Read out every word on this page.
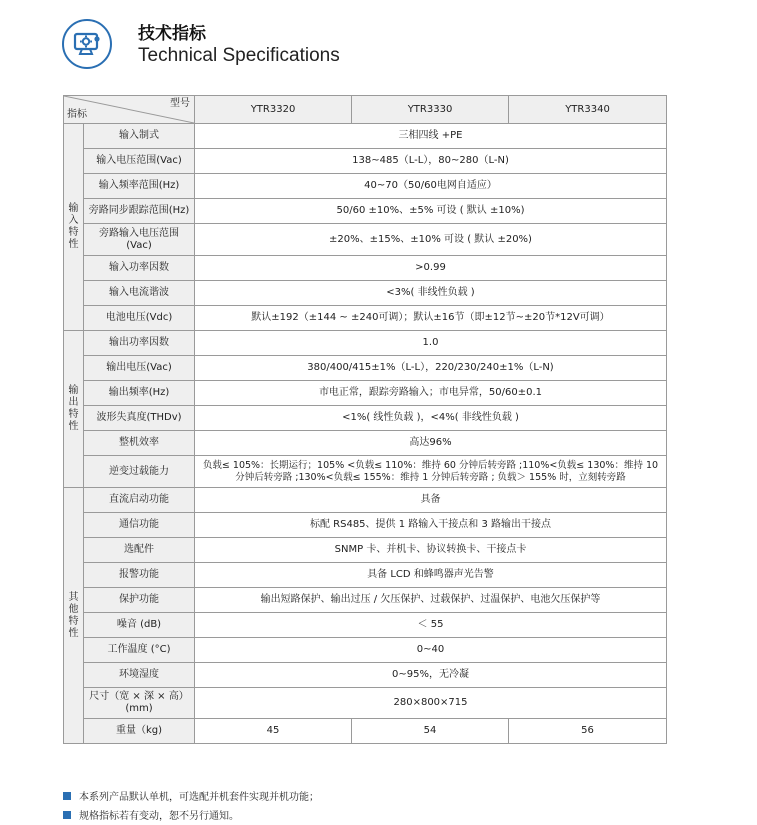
技术指标
Technical Specifications
型号
指标		YTR3320	YTR3330	YTR3340

输
入
特
性	输入制式	三相四线 +PE		
	输入电压范围(Vac)	138~485（L-L），80~280（L-N)		
	输入频率范围(Hz)	40~70（50/60电网自适应）		
	旁路同步跟踪范围(Hz)	50/60 ±10%、±5% 可设 ( 默认 ±10%)		
	旁路输入电压范围(Vac)	±20%、±15%、±10% 可设 ( 默认 ±20%)		
	输入功率因数	>0.99		
	输入电流谐波	<3%( 非线性负载 )		
	电池电压(Vdc)	默认±192（±144 ~ ±240可调）；默认±16节（即±12节~±20节*12V可调）		

输
出
特
性	输出功率因数	1.0		
	输出电压(Vac)	380/400/415±1%（L-L），220/230/240±1%（L-N)		
	输出频率(Hz)	市电正常，跟踪旁路输入；市电异常，50/60±0.1		
	波形失真度(THDv)	<1%( 线性负载 )，<4%( 非线性负载 )		
	整机效率	高达96%		
	逆变过载能力	负载≤ 105%：长期运行；105% <负载≤ 110%：维持 60 分钟后转旁路 ;110%<负载≤ 130%：维持 10 分钟后转旁路 ;130%<负载≤ 155%：维持 1 分钟后转旁路 ; 负载＞ 155% 时，立刻转旁路		

其
他
特
性	直流启动功能	具备		
	通信功能	标配 RS485、提供 1 路输入干接点和 3 路输出干接点		
	选配件	SNMP 卡、并机卡、协议转换卡、干接点卡		
	报警功能	具备 LCD 和蜂鸣器声光告警		
	保护功能	输出短路保护、输出过压 / 欠压保护、过载保护、过温保护、电池欠压保护等		
	噪音 (dB)	＜ 55		
	工作温度 (°C)	0~40		
	环境湿度	0~95%，无冷凝		
	尺寸（宽 × 深 × 高）(mm)	280×800×715		
	重量（kg)	45	54	56
本系列产品默认单机，可选配并机套件实现并机功能；
规格指标若有变动，恕不另行通知。
